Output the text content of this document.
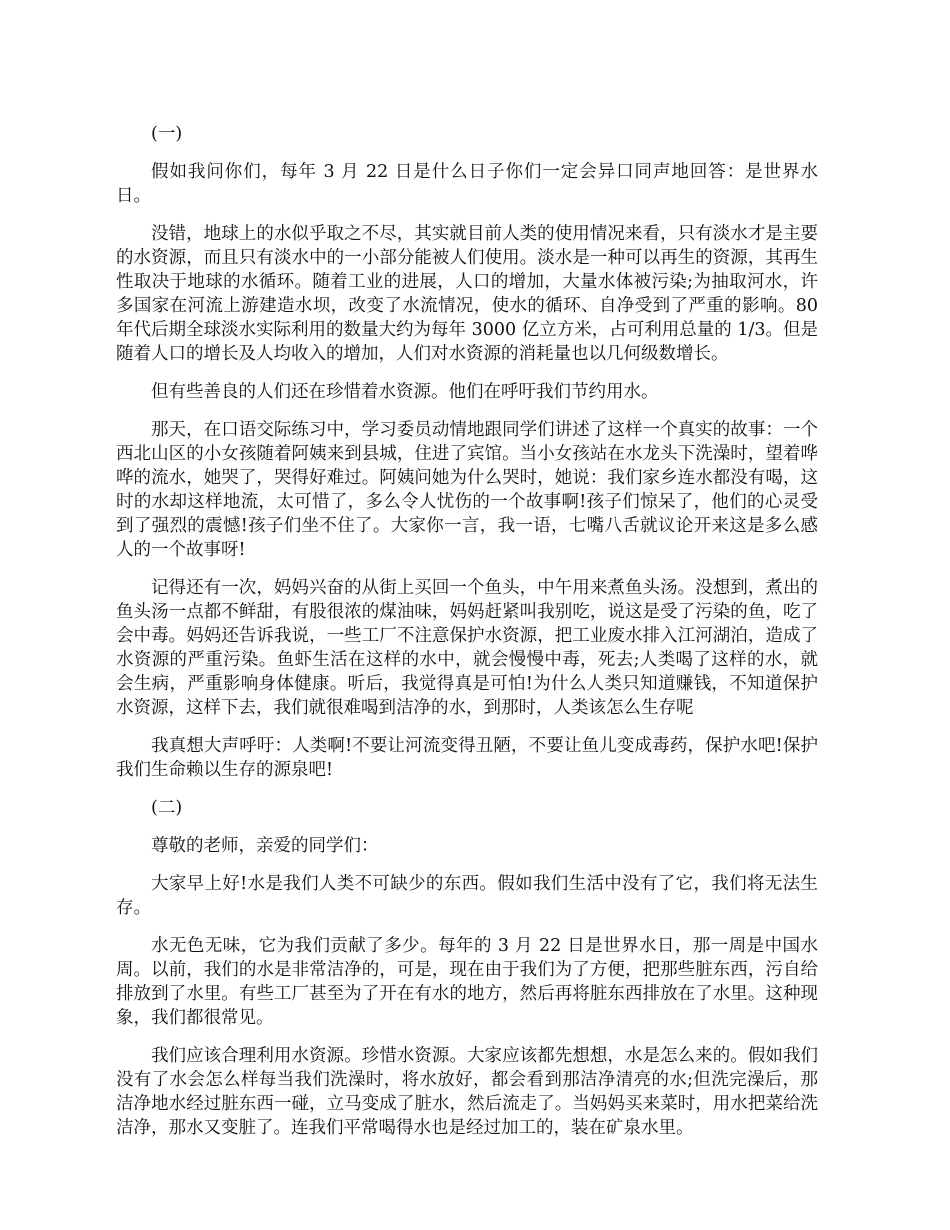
(一)

假如我问你们，每年 3 月 22 日是什么日子你们一定会异口同声地回答：是世界水日。

没错，地球上的水似乎取之不尽，其实就目前人类的使用情况来看，只有淡水才是主要的水资源，而且只有淡水中的一小部分能被人们使用。淡水是一种可以再生的资源，其再生性取决于地球的水循环。随着工业的进展，人口的增加，大量水体被污染;为抽取河水，许多国家在河流上游建造水坝，改变了水流情况，使水的循环、自净受到了严重的影响。80 年代后期全球淡水实际利用的数量大约为每年 3000 亿立方米，占可利用总量的 1/3。但是随着人口的增长及人均收入的增加，人们对水资源的消耗量也以几何级数增长。

但有些善良的人们还在珍惜着水资源。他们在呼吁我们节约用水。

那天，在口语交际练习中，学习委员动情地跟同学们讲述了这样一个真实的故事：一个西北山区的小女孩随着阿姨来到县城，住进了宾馆。当小女孩站在水龙头下洗澡时，望着哗哗的流水，她哭了，哭得好难过。阿姨问她为什么哭时，她说：我们家乡连水都没有喝，这时的水却这样地流，太可惜了，多么令人忧伤的一个故事啊!孩子们惊呆了，他们的心灵受到了强烈的震憾!孩子们坐不住了。大家你一言，我一语，七嘴八舌就议论开来这是多么感人的一个故事呀!

记得还有一次，妈妈兴奋的从街上买回一个鱼头，中午用来煮鱼头汤。没想到，煮出的鱼头汤一点都不鲜甜，有股很浓的煤油味，妈妈赶紧叫我别吃，说这是受了污染的鱼，吃了会中毒。妈妈还告诉我说，一些工厂不注意保护水资源，把工业废水排入江河湖泊，造成了水资源的严重污染。鱼虾生活在这样的水中，就会慢慢中毒，死去;人类喝了这样的水，就会生病，严重影响身体健康。听后，我觉得真是可怕!为什么人类只知道赚钱，不知道保护水资源，这样下去，我们就很难喝到洁净的水，到那时，人类该怎么生存呢

我真想大声呼吁：人类啊!不要让河流变得丑陋，不要让鱼儿变成毒药，保护水吧!保护我们生命赖以生存的源泉吧!

(二)

尊敬的老师，亲爱的同学们：

大家早上好!水是我们人类不可缺少的东西。假如我们生活中没有了它，我们将无法生存。

水无色无味，它为我们贡献了多少。每年的 3 月 22 日是世界水日，那一周是中国水周。以前，我们的水是非常洁净的，可是，现在由于我们为了方便，把那些脏东西，污自给排放到了水里。有些工厂甚至为了开在有水的地方，然后再将脏东西排放在了水里。这种现象，我们都很常见。

我们应该合理利用水资源。珍惜水资源。大家应该都先想想，水是怎么来的。假如我们没有了水会怎么样每当我们洗澡时，将水放好，都会看到那洁净清亮的水;但洗完澡后，那洁净地水经过脏东西一碰，立马变成了脏水，然后流走了。当妈妈买来菜时，用水把菜给洗洁净，那水又变脏了。连我们平常喝得水也是经过加工的，装在矿泉水里。
